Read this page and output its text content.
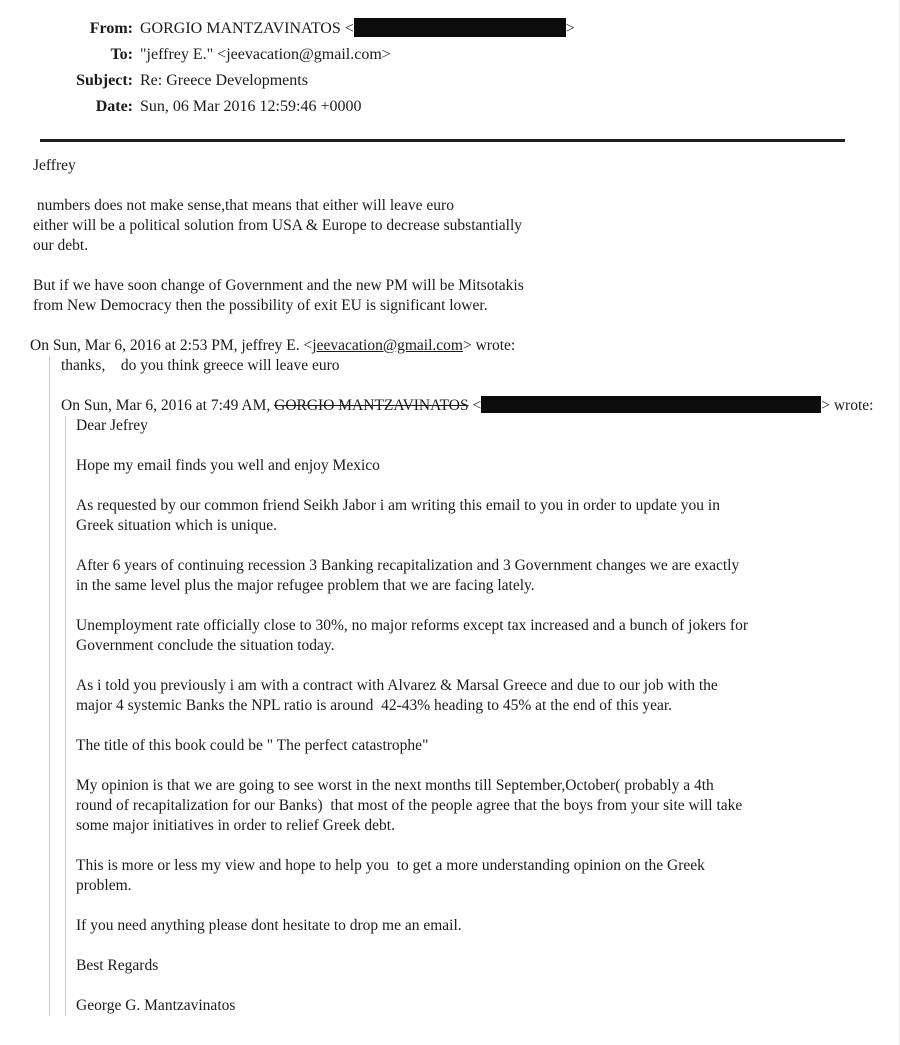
From: GORGIO MANTZAVINATOS <	>
To: "jeffrey E." <jeevacation@gmail.com>
Subject: Re: Greece Developments
Date: Sun, 06 Mar 2016 12:59:46 +0000
Jeffrey
numbers does not make sense,that means that either will leave euro
either will be a political solution from USA & Europe to decrease substantially
our debt.
But if we have soon change of Government and the new PM will be Mitsotakis
from New Democracy then the possibility of exit EU is significant lower.
On Sun, Mar 6, 2016 at 2:53 PM, jeffrey E. <jeevacation@gmail.com> wrote:
thanks,    do you think greece will leave euro
On Sun, Mar 6, 2016 at 7:49 AM, GORGIO MANTZAVINATOS <	> wrote:
Dear Jefrey
Hope my email finds you well and enjoy Mexico
As requested by our common friend Seikh Jabor i am writing this email to you in order to update you in
Greek situation which is unique.
After 6 years of continuing recession 3 Banking recapitalization and 3 Government changes we are exactly
in the same level plus the major refugee problem that we are facing lately.
Unemployment rate officially close to 30%, no major reforms except tax increased and a bunch of jokers for
Government conclude the situation today.
As i told you previously i am with a contract with Alvarez & Marsal Greece and due to our job with the
major 4 systemic Banks the NPL ratio is around  42-43% heading to 45% at the end of this year.
The title of this book could be " The perfect catastrophe"
My opinion is that we are going to see worst in the next months till September,October( probably a 4th
round of recapitalization for our Banks)  that most of the people agree that the boys from your site will take
some major initiatives in order to relief Greek debt.
This is more or less my view and hope to help you  to get a more understanding opinion on the Greek
problem.
If you need anything please dont hesitate to drop me an email.
Best Regards
George G. Mantzavinatos
